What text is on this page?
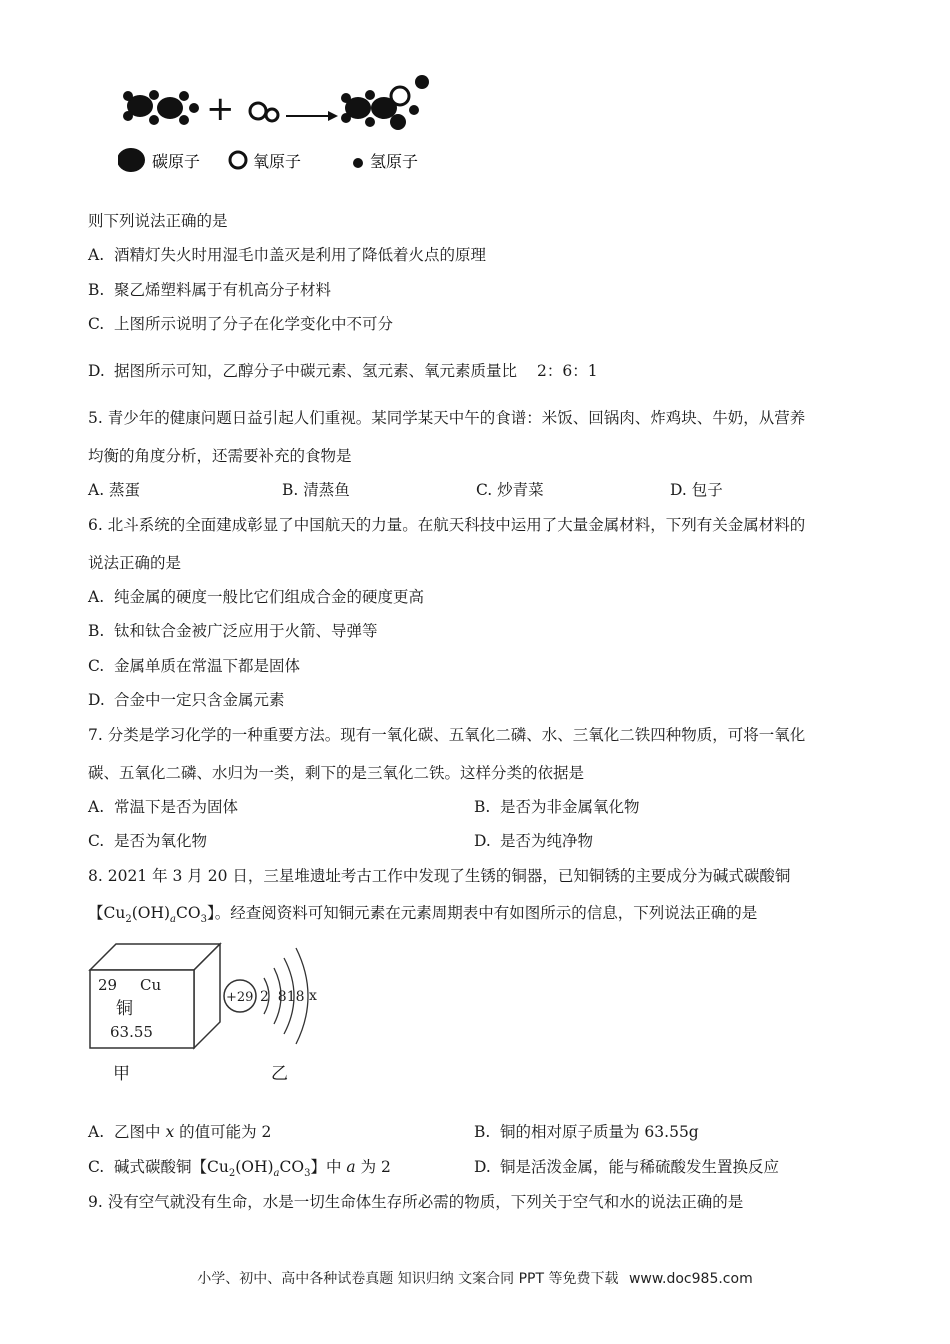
+
碳原子	氧原子	氢原子
则下列说法正确的是
A. 酒精灯失火时用湿毛巾盖灭是利用了降低着火点的原理
B. 聚乙烯塑料属于有机高分子材料
C. 上图所示说明了分子在化学变化中不可分
D. 据图所示可知，乙醇分子中碳元素、氢元素、氧元素质量比 2：6：1
5. 青少年的健康问题日益引起人们重视。某同学某天中午的食谱：米饭、回锅肉、炸鸡块、牛奶，从营养
均衡的角度分析，还需要补充的食物是
A. 蒸蛋	B. 清蒸鱼	C. 炒青菜	D. 包子
6. 北斗系统的全面建成彰显了中国航天的力量。在航天科技中运用了大量金属材料，下列有关金属材料的
说法正确的是
A. 纯金属的硬度一般比它们组成合金的硬度更高
B. 钛和钛合金被广泛应用于火箭、导弹等
C. 金属单质在常温下都是固体
D. 合金中一定只含金属元素
7. 分类是学习化学的一种重要方法。现有一氧化碳、五氧化二磷、水、三氧化二铁四种物质，可将一氧化
碳、五氧化二磷、水归为一类，剩下的是三氧化二铁。这样分类的依据是
A. 常温下是否为固体	B. 是否为非金属氧化物
C. 是否为氧化物	D. 是否为纯净物
8. 2021 年 3 月 20 日，三星堆遗址考古工作中发现了生锈的铜器，已知铜锈的主要成分为碱式碳酸铜
【$Cu_2(OH)_aCO_3$】。经查阅资料可知铜元素在元素周期表中有如图所示的信息，下列说法正确的是
29 Cu
铜
63.55
+29 2  818 x
甲	乙
A. 乙图中 x 的值可能为 2	B. 铜的相对原子质量为 63.55g
C. 碱式碳酸铜【$Cu_2(OH)_aCO_3$】中 a 为 2	D. 铜是活泼金属，能与稀硫酸发生置换反应
9. 没有空气就没有生命，水是一切生命体生存所必需的物质，下列关于空气和水的说法正确的是
小学、初中、高中各种试卷真题 知识归纳 文案合同 PPT 等免费下载 www.doc985.com
